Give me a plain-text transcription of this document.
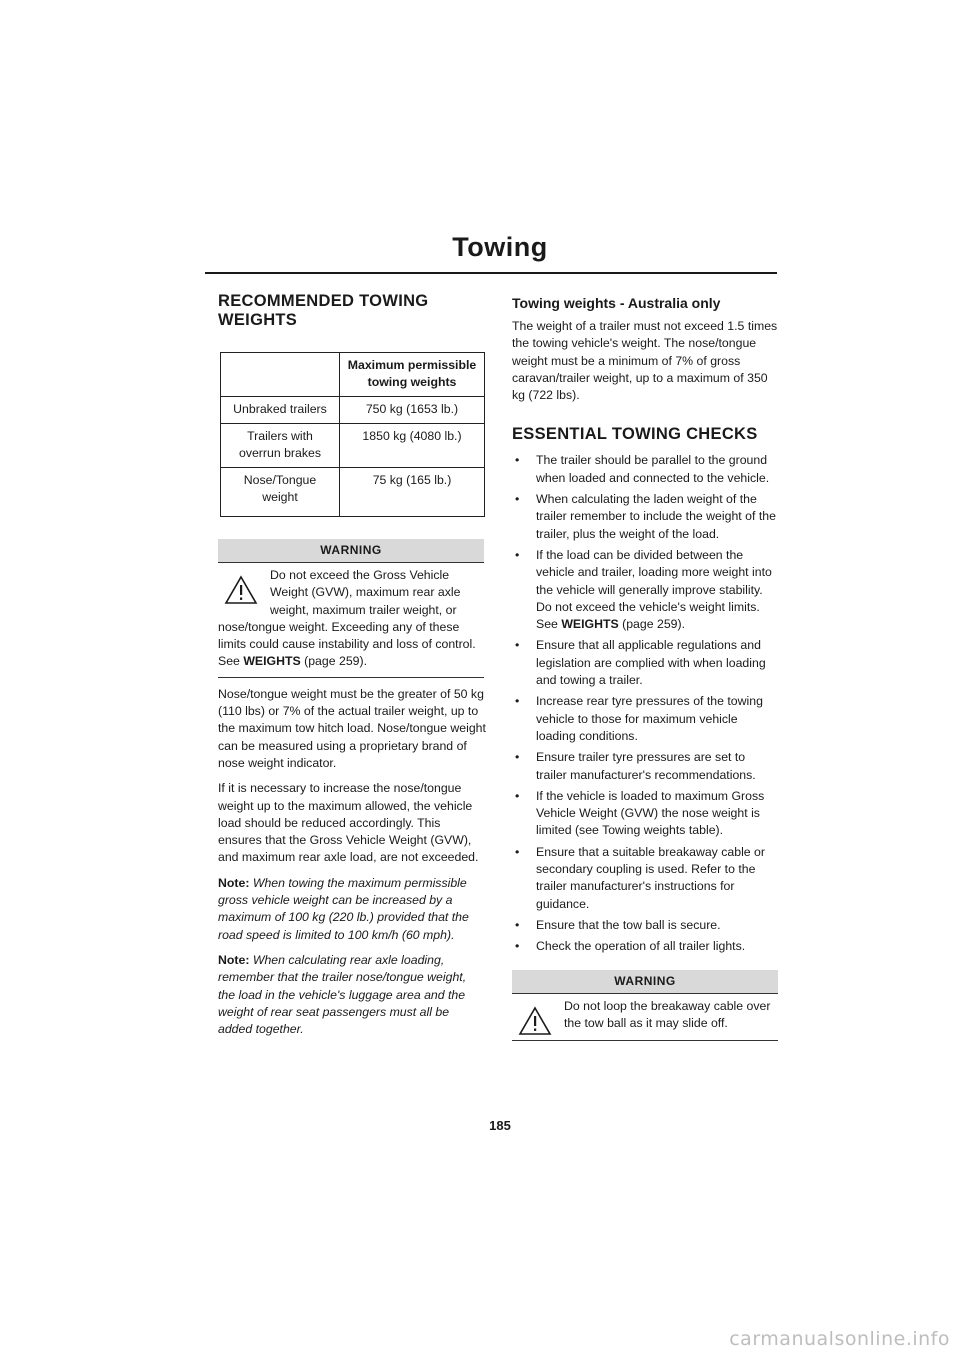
Towing
RECOMMENDED TOWING WEIGHTS
	Maximum permissible towing weights
Unbraked trailers	750 kg (1653 lb.)
Trailers with overrun brakes	1850 kg (4080 lb.)
Nose/Tongue weight	75 kg (165 lb.)
WARNING

Do not exceed the Gross Vehicle Weight (GVW), maximum rear axle weight, maximum trailer weight, or

nose/tongue weight. Exceeding any of these limits could cause instability and loss of control. See WEIGHTS (page 259).

Nose/tongue weight must be the greater of 50 kg (110 lbs) or 7% of the actual trailer weight, up to the maximum tow hitch load. Nose/tongue weight can be measured using a proprietary brand of nose weight indicator.

If it is necessary to increase the nose/tongue weight up to the maximum allowed, the vehicle load should be reduced accordingly. This ensures that the Gross Vehicle Weight (GVW), and maximum rear axle load, are not exceeded.

Note: When towing the maximum permissible gross vehicle weight can be increased by a maximum of 100 kg (220 lb.) provided that the road speed is limited to 100 km/h (60 mph).

Note: When calculating rear axle loading, remember that the trailer nose/tongue weight, the load in the vehicle's luggage area and the weight of rear seat passengers must all be added together.

Towing weights - Australia only

The weight of a trailer must not exceed 1.5 times the towing vehicle's weight. The nose/tongue weight must be a minimum of 7% of gross caravan/trailer weight, up to a maximum of 350 kg (722 lbs).

ESSENTIAL TOWING CHECKS
• The trailer should be parallel to the ground when loaded and connected to the vehicle.
• When calculating the laden weight of the trailer remember to include the weight of the trailer, plus the weight of the load.
• If the load can be divided between the vehicle and trailer, loading more weight into the vehicle will generally improve stability. Do not exceed the vehicle's weight limits. See WEIGHTS (page 259).
• Ensure that all applicable regulations and legislation are complied with when loading and towing a trailer.
• Increase rear tyre pressures of the towing vehicle to those for maximum vehicle loading conditions.
• Ensure trailer tyre pressures are set to trailer manufacturer's recommendations.
• If the vehicle is loaded to maximum Gross Vehicle Weight (GVW) the nose weight is limited (see Towing weights table).
• Ensure that a suitable breakaway cable or secondary coupling is used. Refer to the trailer manufacturer's instructions for guidance.
• Ensure that the tow ball is secure.
• Check the operation of all trailer lights.
WARNING

Do not loop the breakaway cable over the tow ball as it may slide off.

185
carmanualsonline.info
